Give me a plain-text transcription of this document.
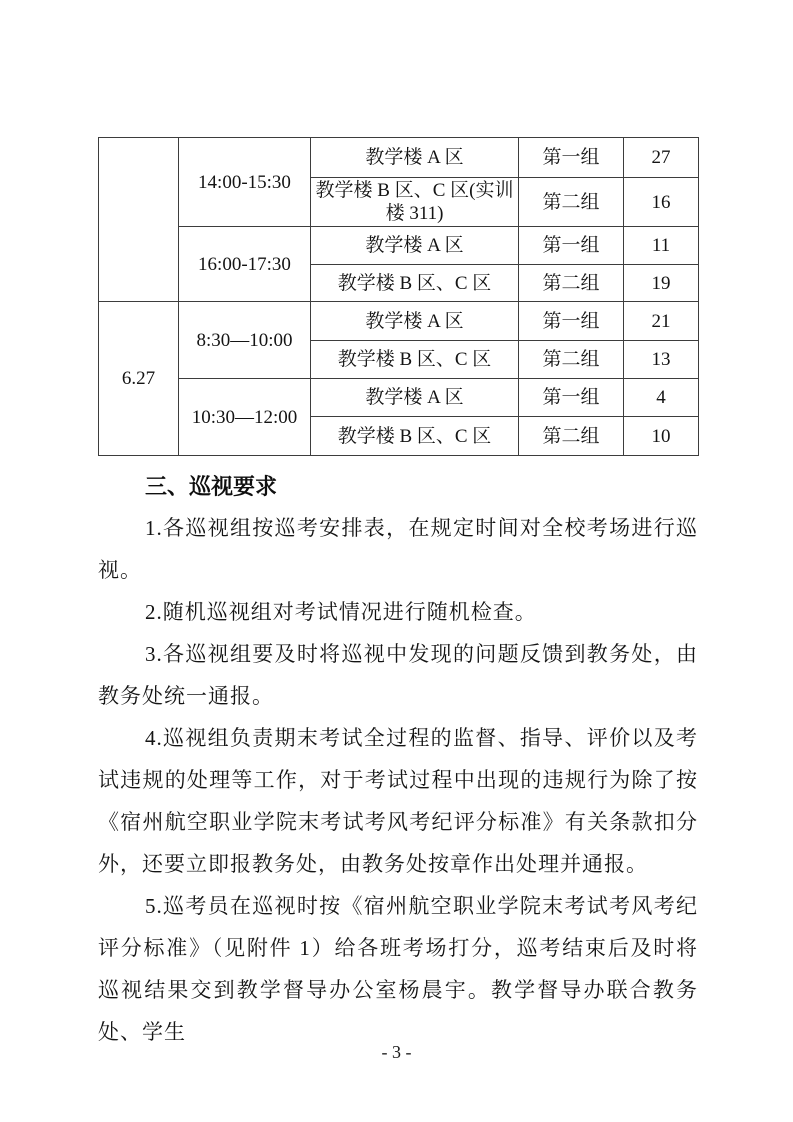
	14:00-15:30	教学楼 A 区	第一组	27
		教学楼 B 区、C 区(实训楼 311)	第二组	16
	16:00-17:30	教学楼 A 区	第一组	11
		教学楼 B 区、C 区	第二组	19
6.27	8:30—10:00	教学楼 A 区	第一组	21
		教学楼 B 区、C 区	第二组	13
	10:30—12:00	教学楼 A 区	第一组	4
		教学楼 B 区、C 区	第二组	10
三、巡视要求

1.各巡视组按巡考安排表，在规定时间对全校考场进行巡视。

2.随机巡视组对考试情况进行随机检查。

3.各巡视组要及时将巡视中发现的问题反馈到教务处，由教务处统一通报。

4.巡视组负责期末考试全过程的监督、指导、评价以及考试违规的处理等工作，对于考试过程中出现的违规行为除了按《宿州航空职业学院末考试考风考纪评分标准》有关条款扣分外，还要立即报教务处，由教务处按章作出处理并通报。

5.巡考员在巡视时按《宿州航空职业学院末考试考风考纪评分标准》（见附件 1）给各班考场打分，巡考结束后及时将巡视结果交到教学督导办公室杨晨宇。教学督导办联合教务处、学生

- 3 -
